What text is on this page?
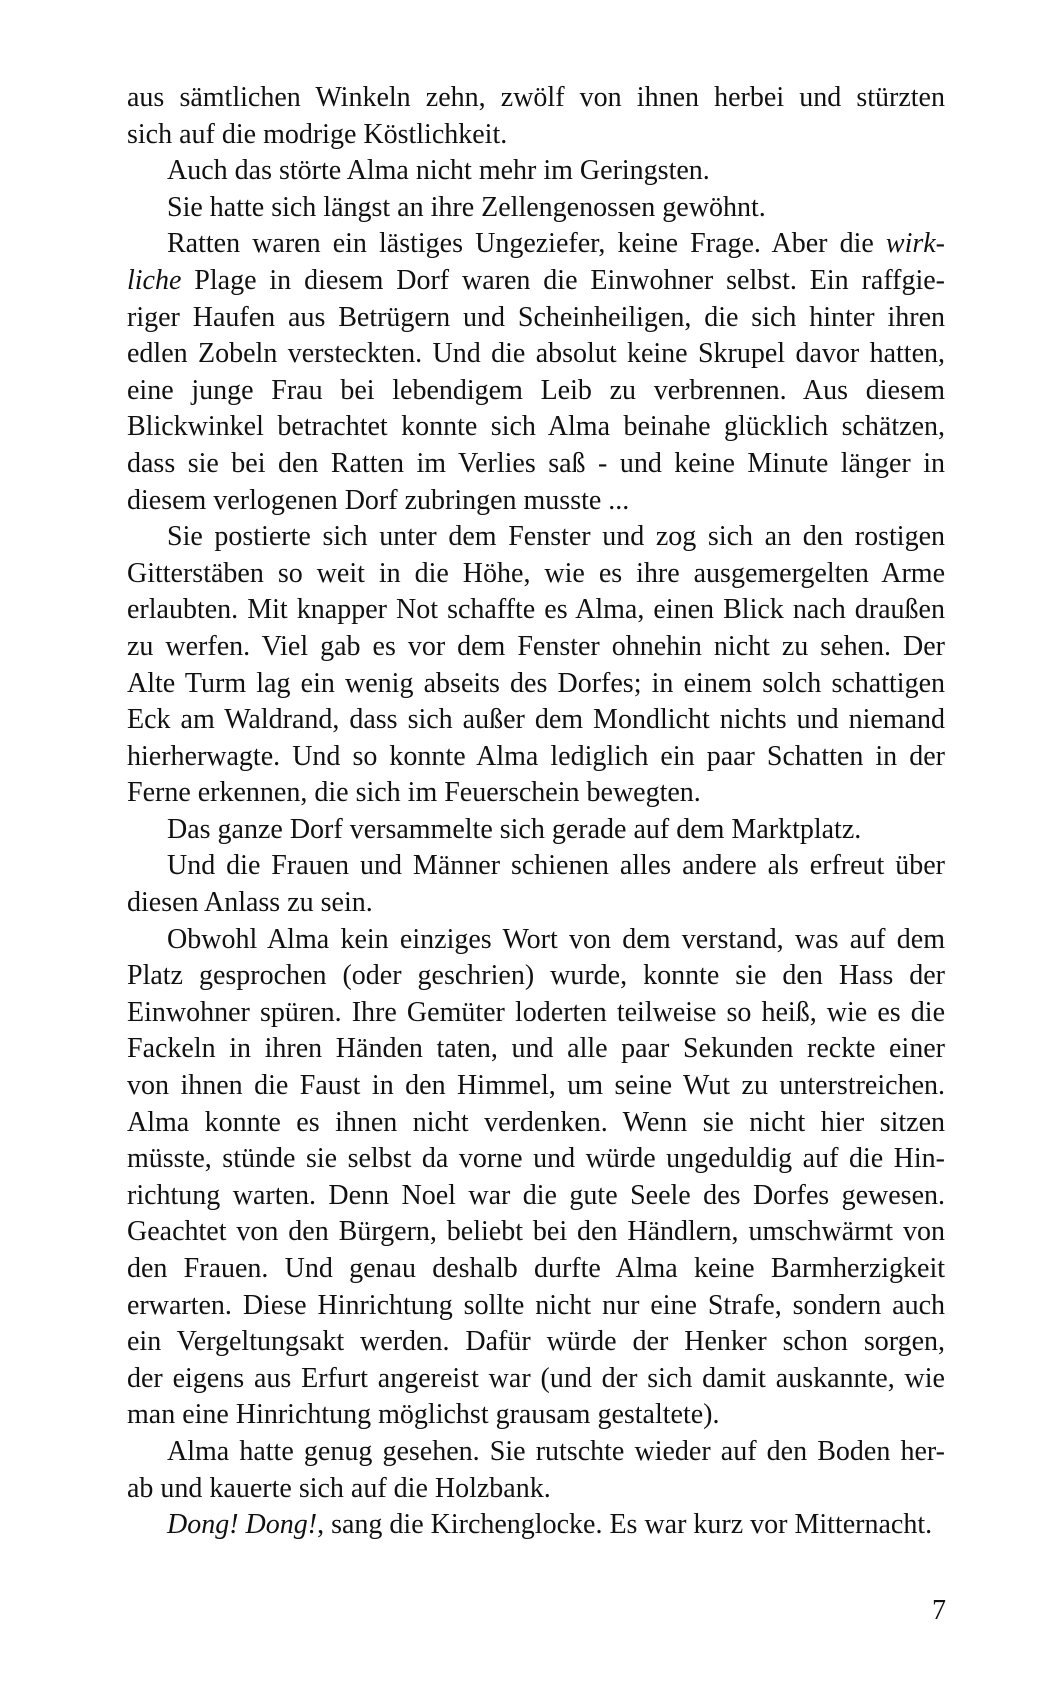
aus sämtlichen Winkeln zehn, zwölf von ihnen herbei und stürzten
sich auf die modrige Köstlichkeit.
Auch das störte Alma nicht mehr im Geringsten.
Sie hatte sich längst an ihre Zellengenossen gewöhnt.
Ratten waren ein lästiges Ungeziefer, keine Frage. Aber die wirk-
liche Plage in diesem Dorf waren die Einwohner selbst. Ein raffgie-
riger Haufen aus Betrügern und Scheinheiligen, die sich hinter ihren
edlen Zobeln versteckten. Und die absolut keine Skrupel davor hatten,
eine junge Frau bei lebendigem Leib zu verbrennen. Aus diesem
Blickwinkel betrachtet konnte sich Alma beinahe glücklich schätzen,
dass sie bei den Ratten im Verlies saß - und keine Minute länger in
diesem verlogenen Dorf zubringen musste ...
Sie postierte sich unter dem Fenster und zog sich an den rostigen
Gitterstäben so weit in die Höhe, wie es ihre ausgemergelten Arme
erlaubten. Mit knapper Not schaffte es Alma, einen Blick nach draußen
zu werfen. Viel gab es vor dem Fenster ohnehin nicht zu sehen. Der
Alte Turm lag ein wenig abseits des Dorfes; in einem solch schattigen
Eck am Waldrand, dass sich außer dem Mondlicht nichts und niemand
hierherwagte. Und so konnte Alma lediglich ein paar Schatten in der
Ferne erkennen, die sich im Feuerschein bewegten.
Das ganze Dorf versammelte sich gerade auf dem Marktplatz.
Und die Frauen und Männer schienen alles andere als erfreut über
diesen Anlass zu sein.
Obwohl Alma kein einziges Wort von dem verstand, was auf dem
Platz gesprochen (oder geschrien) wurde, konnte sie den Hass der
Einwohner spüren. Ihre Gemüter loderten teilweise so heiß, wie es die
Fackeln in ihren Händen taten, und alle paar Sekunden reckte einer
von ihnen die Faust in den Himmel, um seine Wut zu unterstreichen.
Alma konnte es ihnen nicht verdenken. Wenn sie nicht hier sitzen
müsste, stünde sie selbst da vorne und würde ungeduldig auf die Hin-
richtung warten. Denn Noel war die gute Seele des Dorfes gewesen.
Geachtet von den Bürgern, beliebt bei den Händlern, umschwärmt von
den Frauen. Und genau deshalb durfte Alma keine Barmherzigkeit
erwarten. Diese Hinrichtung sollte nicht nur eine Strafe, sondern auch
ein Vergeltungsakt werden. Dafür würde der Henker schon sorgen,
der eigens aus Erfurt angereist war (und der sich damit auskannte, wie
man eine Hinrichtung möglichst grausam gestaltete).
Alma hatte genug gesehen. Sie rutschte wieder auf den Boden her-
ab und kauerte sich auf die Holzbank.
Dong! Dong!, sang die Kirchenglocke. Es war kurz vor Mitternacht.
7
